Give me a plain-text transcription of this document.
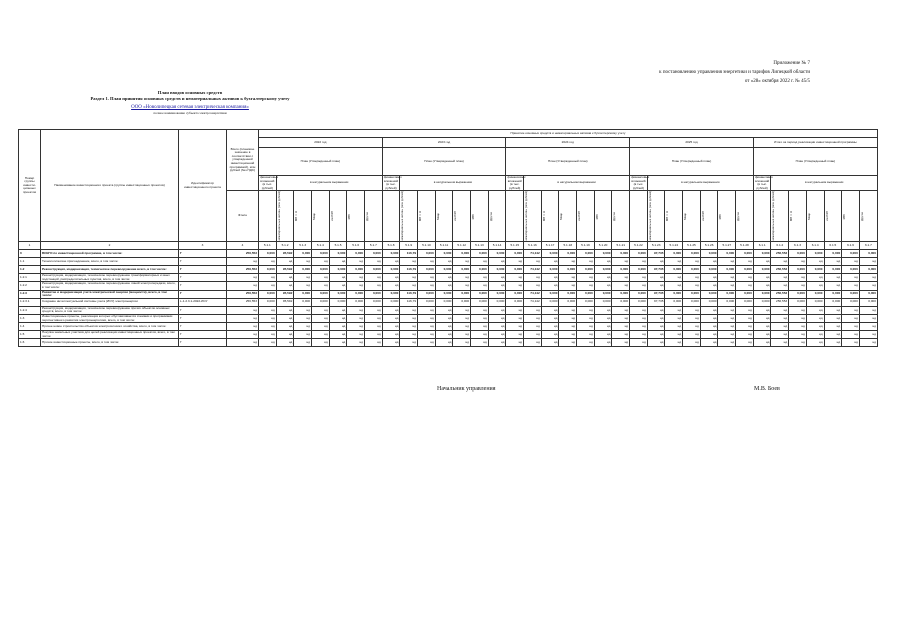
Приложение № 7
к постановлению управления энергетики и тарифов Липецкой области
от «28» октября 2022 г. № 45/5
План вводов основных средств
Раздел 1. План принятия основных средств и нематериальных активов к бухгалтерскому учету
ООО «Новолипецкая сетевая электрическая компания»
полное наименование субъекта электроэнергетики
Номер группы инвести-ционных проектов	Наименование инвестиционного проекта (группы инвестиционных проектов)	Идентификатор инвестиционного проекта	Всего (плановое значение в соответствии с утвержденной инвестиционной программой), млн рублей (без НДС)	Принятие основных средств и нематериальных активов к бухгалтерскому учету																																		
				2022 год							2023 год							2024 год							2025 год							Итого за период реализации инвестиционной программы						
				План (Утвержденный план)							План (Утвержденный план)							План (Утвержденный план)							План (Утвержденный план)							План (Утвержденный план)						
				финансовых вложений (в тыс. рублей)	в натуральном выражении						финансовых вложений (в тыс. рублей)	в натуральном выражении						финансовых вложений (в тыс. рублей)	в натуральном выражении						финансовых вложений (в тыс. рублей)	в натуральном выражении						финансовых вложений (в тыс. рублей)	в натуральном выражении					
			Ф млн		нематериальные активы (млн рублей)	МВ×А	Мвар	км ЛЭП	МВт	Другое		нематериальные активы (млн рублей)	МВ×А	Мвар	км ЛЭП	МВт	Другое		нематериальные активы (млн рублей)	МВ×А	Мвар	км ЛЭП	МВт	Другое		нематериальные активы (млн рублей)	МВ×А	Мвар	км ЛЭП	МВт	Другое		нематериальные активы (млн рублей)	МВ×А	Мвар	км ЛЭП	МВт	Другое

1	2	3	4	5.1.1	5.1.2	5.1.3	5.1.4	5.1.5	5.1.6	5.1.7	5.1.8	5.1.9	5.1.10	5.1.11	5.1.12	5.1.13	5.1.14	5.1.15	5.1.16	5.1.17	5.1.18	5.1.19	5.1.20	5.1.21	5.1.22	5.1.23	5.1.24	5.1.25	5.1.26	5.1.27	5.1.28	6.1.1	6.1.2	6.1.3	6.1.4	6.1.5	6.1.6	6.1.7
0	ВСЕГО по инвестиционной программе, в том числе:	Г	256,553	0,000	95,592	0,000	0,000	0,000	0,000	0,000	0,000	116,79	0,000	0,000	0,000	0,000	0,000	0,000	74,142	0,000	0,000	0,000	0,000	0,000	0,000	97,735	0,000	0,000	0,000	0,000	0,000	0,000	256,553	0,000	0,000	0,000	0,000	0,000
1.1	Технологическое присоединение, всего, в том числе:	Г	нд	нд	нд	нд	нд	нд	нд	нд	нд	нд	нд	нд	нд	нд	нд	нд	нд	нд	нд	нд	нд	нд	нд	нд	нд	нд	нд	нд	нд	нд	нд	нд	нд	нд	нд	нд
1.2	Реконструкция, модернизация, техническое перевооружение всего, в том числе:	Г	256,553	0,000	95,592	0,000	0,000	0,000	0,000	0,000	0,000	116,79	0,000	0,000	0,000	0,000	0,000	0,000	74,142	0,000	0,000	0,000	0,000	0,000	0,000	97,735	0,000	0,000	0,000	0,000	0,000	0,000	256,553	0,000	0,000	0,000	0,000	0,000
1.2.1	Реконструкция, модернизация, техническое перевооружение трансформаторных и иных подстанций, распределительных пунктов, всего, в том числе:	Г	нд	нд	нд	нд	нд	нд	нд	нд	нд	нд	нд	нд	нд	нд	нд	нд	нд	нд	нд	нд	нд	нд	нд	нд	нд	нд	нд	нд	нд	нд	нд	нд	нд	нд	нд	нд
1.2.2	Реконструкция, модернизация, техническое перевооружение линий электропередачи, всего, в том числе:	Г	нд	нд	нд	нд	нд	нд	нд	нд	нд	нд	нд	нд	нд	нд	нд	нд	нд	нд	нд	нд	нд	нд	нд	нд	нд	нд	нд	нд	нд	нд	нд	нд	нд	нд	нд	нд
1.2.3	Развитие и модернизация учета электрической энергии (мощности), всего, в том числе:	Г	256,553	0,000	95,592	0,000	0,000	0,000	0,000	0,000	0,000	116,79	0,000	0,000	0,000	0,000	0,000	0,000	74,142	0,000	0,000	0,000	0,000	0,000	0,000	97,735	0,000	0,000	0,000	0,000	0,000	0,000	256,553	0,000	0,000	0,000	0,000	0,000
1.2.3.1	Создание интеллектуальной системы учета (ИСУ) электроэнергии	L-1.2.3.1-2022-ИСУ	256,553	0,000	95,592	0,000	0,000	0,000	0,000	0,000	0,000	116,79	0,000	0,000	0,000	0,000	0,000	0,000	74,142	0,000	0,000	0,000	0,000	0,000	0,000	97,735	0,000	0,000	0,000	0,000	0,000	0,000	256,553	0,000	0,000	0,000	0,000	0,000
1.2.4	Реконструкция, модернизация, техническое перевооружение прочих объектов основных средств, всего, в том числе:	Г	нд	нд	нд	нд	нд	нд	нд	нд	нд	нд	нд	нд	нд	нд	нд	нд	нд	нд	нд	нд	нд	нд	нд	нд	нд	нд	нд	нд	нд	нд	нд	нд	нд	нд	нд	нд
1.3	Инвестиционные проекты, реализация которых обуславливается схемами и программами перспективного развития электроэнергетики, всего, в том числе:	Г	нд	нд	нд	нд	нд	нд	нд	нд	нд	нд	нд	нд	нд	нд	нд	нд	нд	нд	нд	нд	нд	нд	нд	нд	нд	нд	нд	нд	нд	нд	нд	нд	нд	нд	нд	нд
1.4	Прочее новое строительство объектов электросетевого хозяйства, всего, в том числе:	Г	нд	нд	нд	нд	нд	нд	нд	нд	нд	нд	нд	нд	нд	нд	нд	нд	нд	нд	нд	нд	нд	нд	нд	нд	нд	нд	нд	нд	нд	нд	нд	нд	нд	нд	нд	нд
1.5	Покупка земельных участков для целей реализации инвестиционных проектов, всего, в том числе:	Г	нд	нд	нд	нд	нд	нд	нд	нд	нд	нд	нд	нд	нд	нд	нд	нд	нд	нд	нд	нд	нд	нд	нд	нд	нд	нд	нд	нд	нд	нд	нд	нд	нд	нд	нд	нд
1.6	Прочие инвестиционные проекты, всего, в том числе:	Г	нд	нд	нд	нд	нд	нд	нд	нд	нд	нд	нд	нд	нд	нд	нд	нд	нд	нд	нд	нд	нд	нд	нд	нд	нд	нд	нд	нд	нд	нд	нд	нд	нд	нд	нд	нд
Начальник управления	М.В. Боев
